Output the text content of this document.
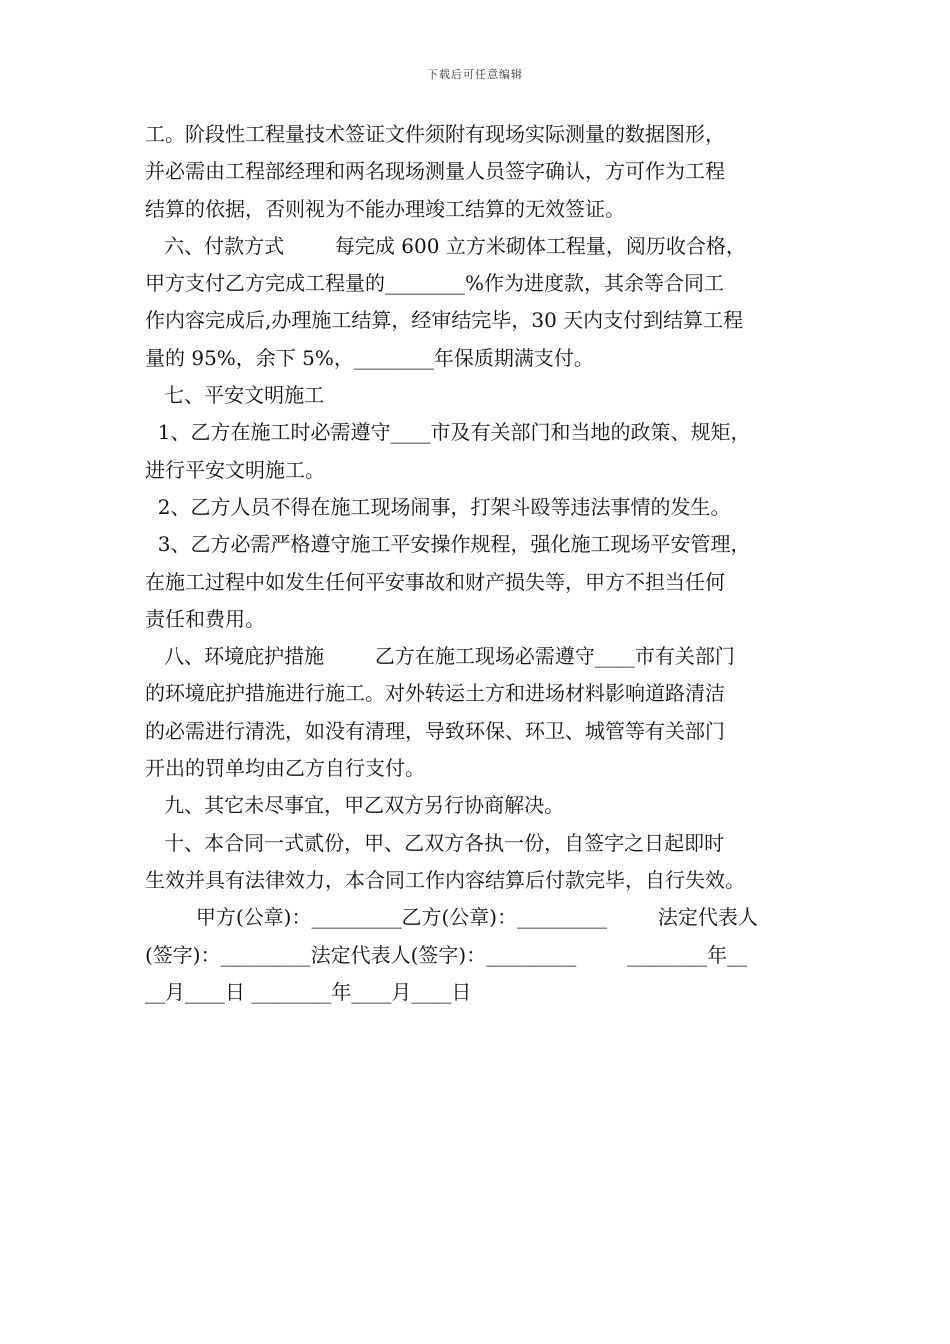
下载后可任意编辑
工。阶段性工程量技术签证文件须附有现场实际测量的数据图形，
并必需由工程部经理和两名现场测量人员签字确认，方可作为工程
结算的依据，否则视为不能办理竣工结算的无效签证。
六、付款方式        每完成 600 立方米砌体工程量，阅历收合格，
甲方支付乙方完成工程量的________%作为进度款，其余等合同工
作内容完成后,办理施工结算，经审结完毕，30 天内支付到结算工程
量的 95%，余下 5%，________年保质期满支付。
七、平安文明施工
1、乙方在施工时必需遵守____市及有关部门和当地的政策、规矩，
进行平安文明施工。
2、乙方人员不得在施工现场闹事，打架斗殴等违法事情的发生。
3、乙方必需严格遵守施工平安操作规程，强化施工现场平安管理，
在施工过程中如发生任何平安事故和财产损失等，甲方不担当任何
责任和费用。
八、环境庇护措施        乙方在施工现场必需遵守____市有关部门
的环境庇护措施进行施工。对外转运土方和进场材料影响道路清洁
的必需进行清洗，如没有清理，导致环保、环卫、城管等有关部门
开出的罚单均由乙方自行支付。
九、其它未尽事宜，甲乙双方另行协商解决。
十、本合同一式贰份，甲、乙双方各执一份，自签字之日起即时
生效并具有法律效力，本合同工作内容结算后付款完毕，自行失效。
甲方(公章)：_________乙方(公章)：_________        法定代表人
(签字)：_________法定代表人(签字)：_________        ________年__
__月____日 ________年____月____日
